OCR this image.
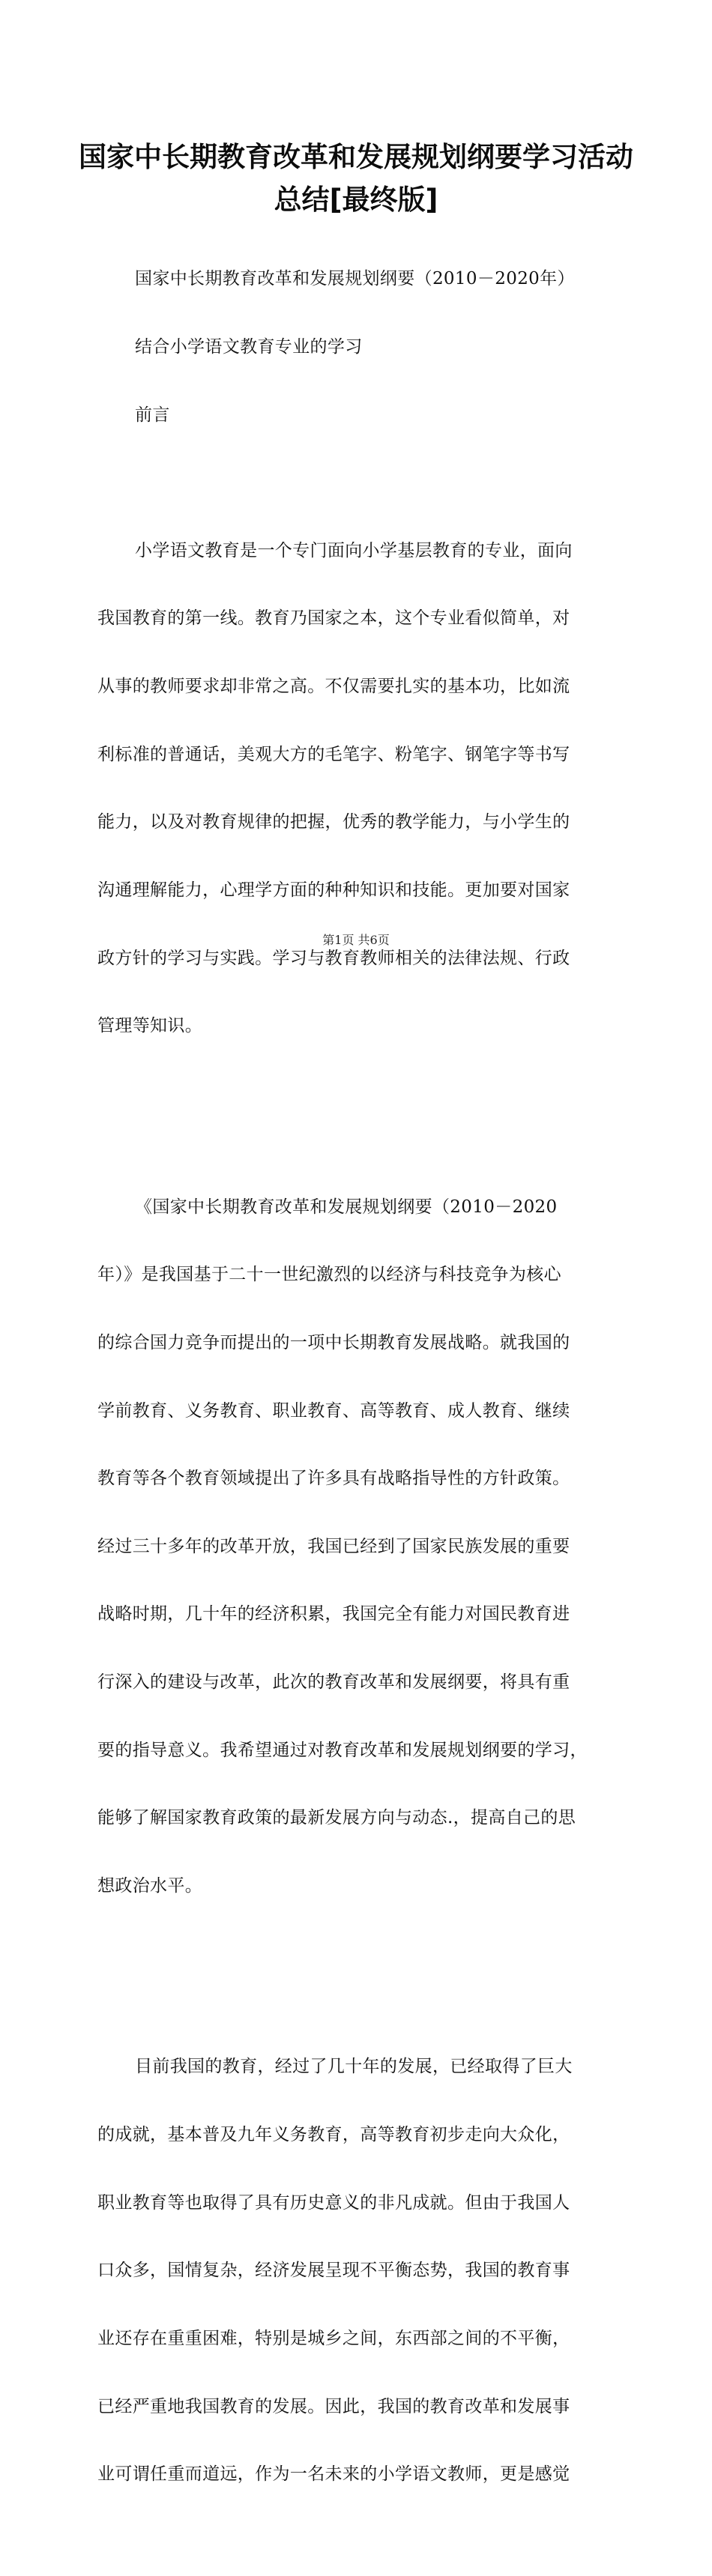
国家中长期教育改革和发展规划纲要学习活动
总结[最终版]

国家中长期教育改革和发展规划纲要（2010－2020年）

结合小学语文教育专业的学习

前言

小学语文教育是一个专门面向小学基层教育的专业，面向

我国教育的第一线。教育乃国家之本，这个专业看似简单，对

从事的教师要求却非常之高。不仅需要扎实的基本功，比如流

利标准的普通话，美观大方的毛笔字、粉笔字、钢笔字等书写

能力，以及对教育规律的把握，优秀的教学能力，与小学生的

沟通理解能力，心理学方面的种种知识和技能。更加要对国家

政方针的学习与实践。学习与教育教师相关的法律法规、行政

管理等知识。

《国家中长期教育改革和发展规划纲要（2010－2020

年）》是我国基于二十一世纪激烈的以经济与科技竞争为核心

的综合国力竞争而提出的一项中长期教育发展战略。就我国的

学前教育、义务教育、职业教育、高等教育、成人教育、继续

教育等各个教育领域提出了许多具有战略指导性的方针政策。

经过三十多年的改革开放，我国已经到了国家民族发展的重要

战略时期，几十年的经济积累，我国完全有能力对国民教育进

行深入的建设与改革，此次的教育改革和发展纲要，将具有重

要的指导意义。我希望通过对教育改革和发展规划纲要的学习，

能够了解国家教育政策的最新发展方向与动态.，提高自己的思

想政治水平。

目前我国的教育，经过了几十年的发展，已经取得了巨大

的成就，基本普及九年义务教育，高等教育初步走向大众化，

职业教育等也取得了具有历史意义的非凡成就。但由于我国人

口众多，国情复杂，经济发展呈现不平衡态势，我国的教育事

业还存在重重困难，特别是城乡之间，东西部之间的不平衡，

已经严重地我国教育的发展。因此，我国的教育改革和发展事

业可谓任重而道远，作为一名未来的小学语文教师，更是感觉

第1页 共6页
